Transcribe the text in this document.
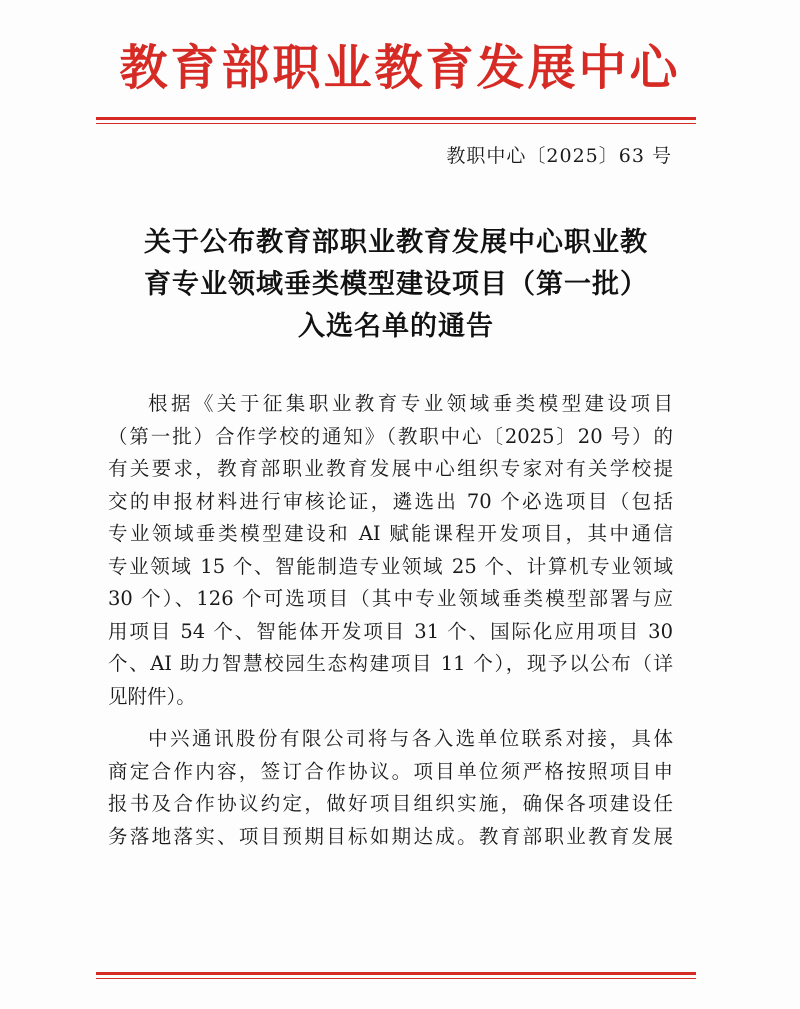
教育部职业教育发展中心
教职中心〔2025〕63 号
关于公布教育部职业教育发展中心职业教
育专业领域垂类模型建设项目（第一批）
入选名单的通告
根据《关于征集职业教育专业领域垂类模型建设项目
（第一批）合作学校的通知》（教职中心〔2025〕20 号）的
有关要求，教育部职业教育发展中心组织专家对有关学校提
交的申报材料进行审核论证，遴选出 70 个必选项目（包括
专业领域垂类模型建设和 AI 赋能课程开发项目，其中通信
专业领域 15 个、智能制造专业领域 25 个、计算机专业领域
30 个）、126 个可选项目（其中专业领域垂类模型部署与应
用项目 54 个、智能体开发项目 31 个、国际化应用项目 30
个、AI 助力智慧校园生态构建项目 11 个），现予以公布（详
见附件）。
中兴通讯股份有限公司将与各入选单位联系对接，具体
商定合作内容，签订合作协议。项目单位须严格按照项目申
报书及合作协议约定，做好项目组织实施，确保各项建设任
务落地落实、项目预期目标如期达成。教育部职业教育发展
